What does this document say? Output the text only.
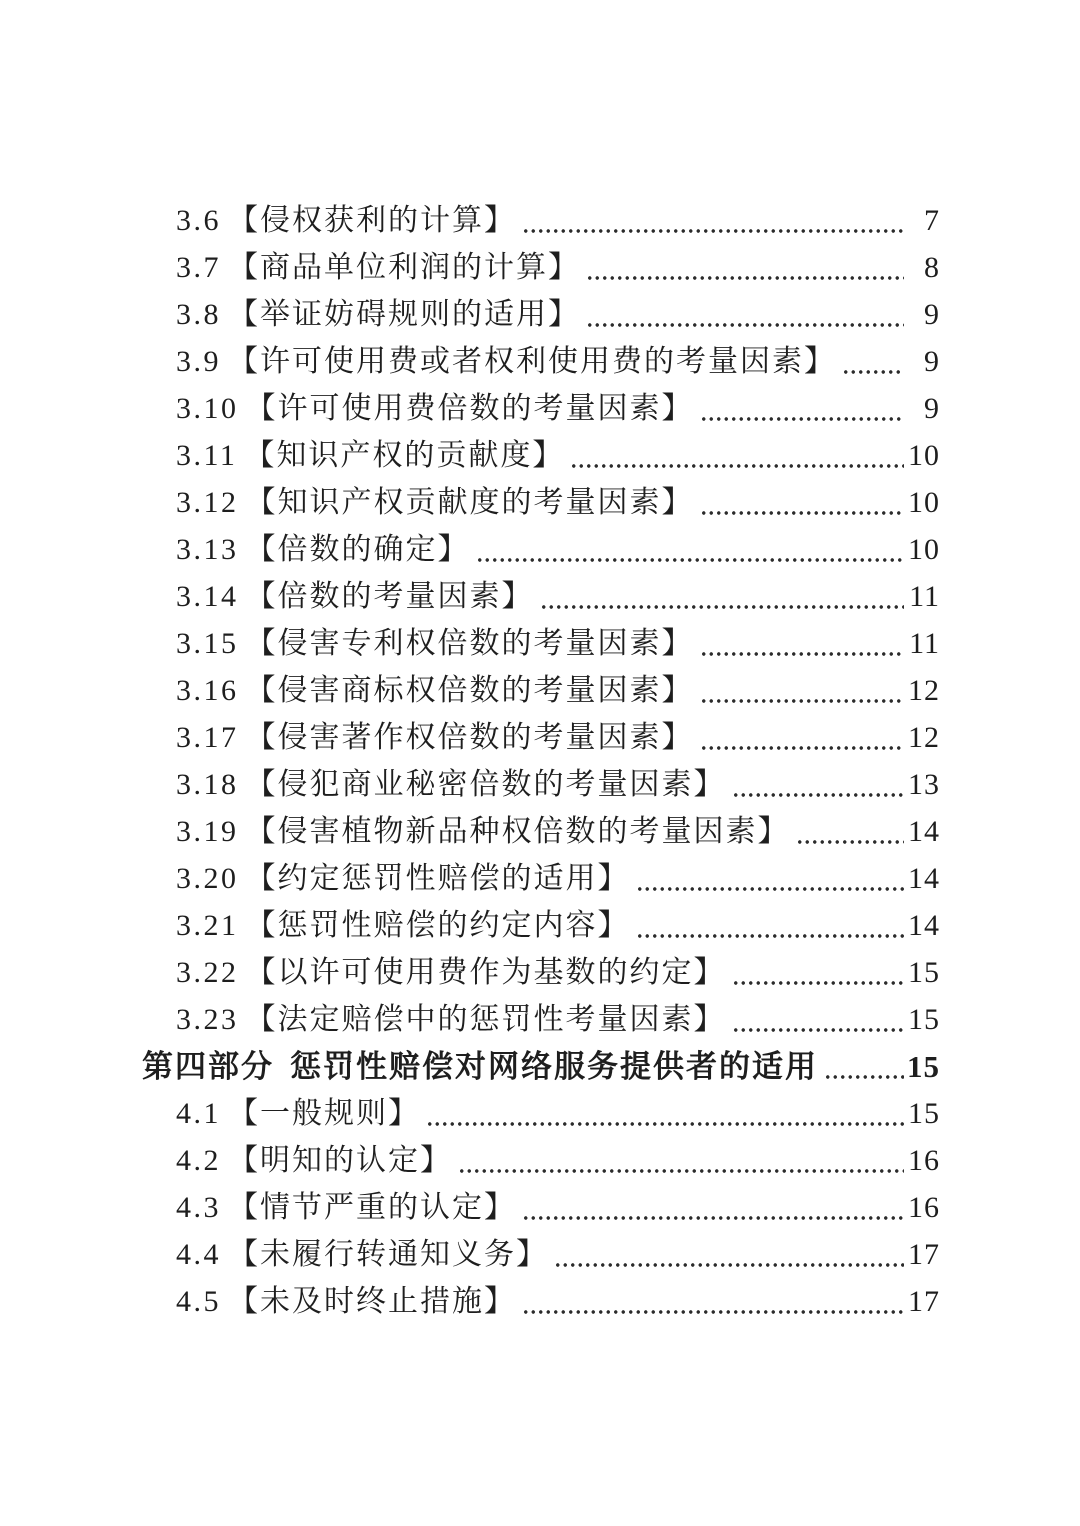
3.6 【侵权获利的计算】	7
3.7 【商品单位利润的计算】	8
3.8 【举证妨碍规则的适用】	9
3.9 【许可使用费或者权利使用费的考量因素】	9
3.10 【许可使用费倍数的考量因素】	9
3.11 【知识产权的贡献度】	10
3.12 【知识产权贡献度的考量因素】	10
3.13 【倍数的确定】	10
3.14 【倍数的考量因素】	11
3.15 【侵害专利权倍数的考量因素】	11
3.16 【侵害商标权倍数的考量因素】	12
3.17 【侵害著作权倍数的考量因素】	12
3.18 【侵犯商业秘密倍数的考量因素】	13
3.19 【侵害植物新品种权倍数的考量因素】	14
3.20 【约定惩罚性赔偿的适用】	14
3.21 【惩罚性赔偿的约定内容】	14
3.22 【以许可使用费作为基数的约定】	15
3.23 【法定赔偿中的惩罚性考量因素】	15
第四部分 惩罚性赔偿对网络服务提供者的适用	15
4.1 【一般规则】	15
4.2 【明知的认定】	16
4.3 【情节严重的认定】	16
4.4 【未履行转通知义务】	17
4.5 【未及时终止措施】	17
